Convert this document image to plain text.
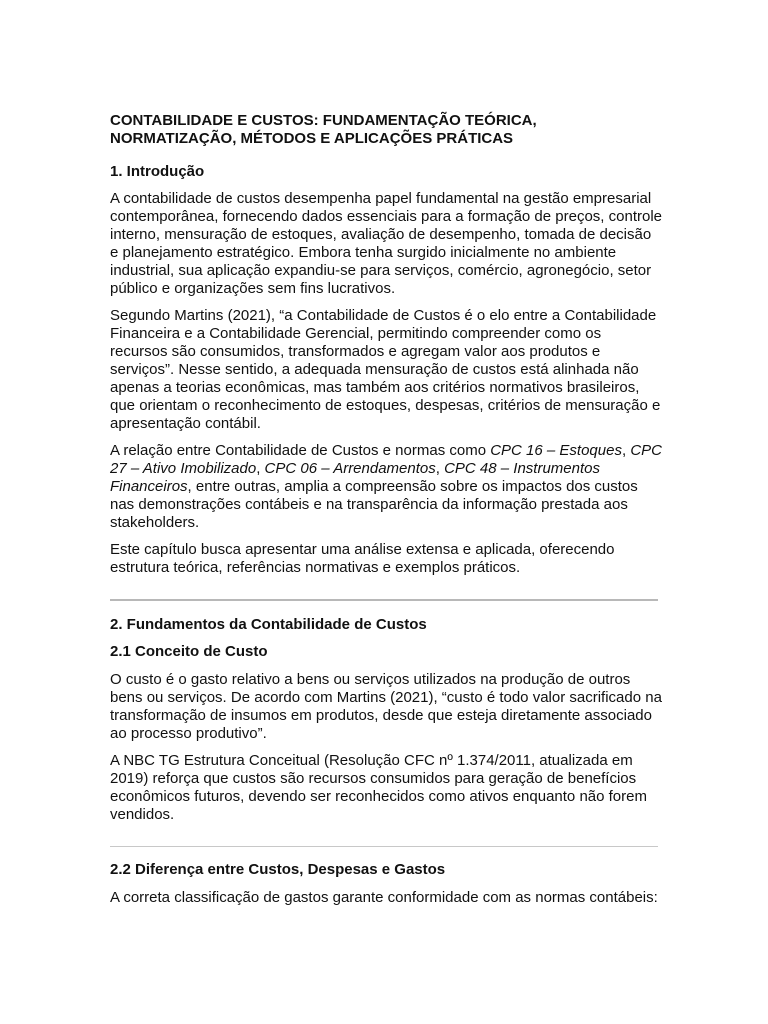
CONTABILIDADE E CUSTOS: FUNDAMENTAÇÃO TEÓRICA,
NORMATIZAÇÃO, MÉTODOS E APLICAÇÕES PRÁTICAS
1. Introdução

A contabilidade de custos desempenha papel fundamental na gestão empresarial contemporânea, fornecendo dados essenciais para a formação de preços, controle interno, mensuração de estoques, avaliação de desempenho, tomada de decisão e planejamento estratégico. Embora tenha surgido inicialmente no ambiente industrial, sua aplicação expandiu-se para serviços, comércio, agronegócio, setor público e organizações sem fins lucrativos.

Segundo Martins (2021), “a Contabilidade de Custos é o elo entre a Contabilidade Financeira e a Contabilidade Gerencial, permitindo compreender como os recursos são consumidos, transformados e agregam valor aos produtos e serviços”. Nesse sentido, a adequada mensuração de custos está alinhada não apenas a teorias econômicas, mas também aos critérios normativos brasileiros, que orientam o reconhecimento de estoques, despesas, critérios de mensuração e apresentação contábil.

A relação entre Contabilidade de Custos e normas como CPC 16 – Estoques, CPC 27 – Ativo Imobilizado, CPC 06 – Arrendamentos, CPC 48 – Instrumentos Financeiros, entre outras, amplia a compreensão sobre os impactos dos custos nas demonstrações contábeis e na transparência da informação prestada aos stakeholders.

Este capítulo busca apresentar uma análise extensa e aplicada, oferecendo estrutura teórica, referências normativas e exemplos práticos.

2. Fundamentos da Contabilidade de Custos
2.1 Conceito de Custo

O custo é o gasto relativo a bens ou serviços utilizados na produção de outros bens ou serviços. De acordo com Martins (2021), “custo é todo valor sacrificado na transformação de insumos em produtos, desde que esteja diretamente associado ao processo produtivo”.

A NBC TG Estrutura Conceitual (Resolução CFC nº 1.374/2011, atualizada em 2019) reforça que custos são recursos consumidos para geração de benefícios econômicos futuros, devendo ser reconhecidos como ativos enquanto não forem vendidos.

2.2 Diferença entre Custos, Despesas e Gastos

A correta classificação de gastos garante conformidade com as normas contábeis:
